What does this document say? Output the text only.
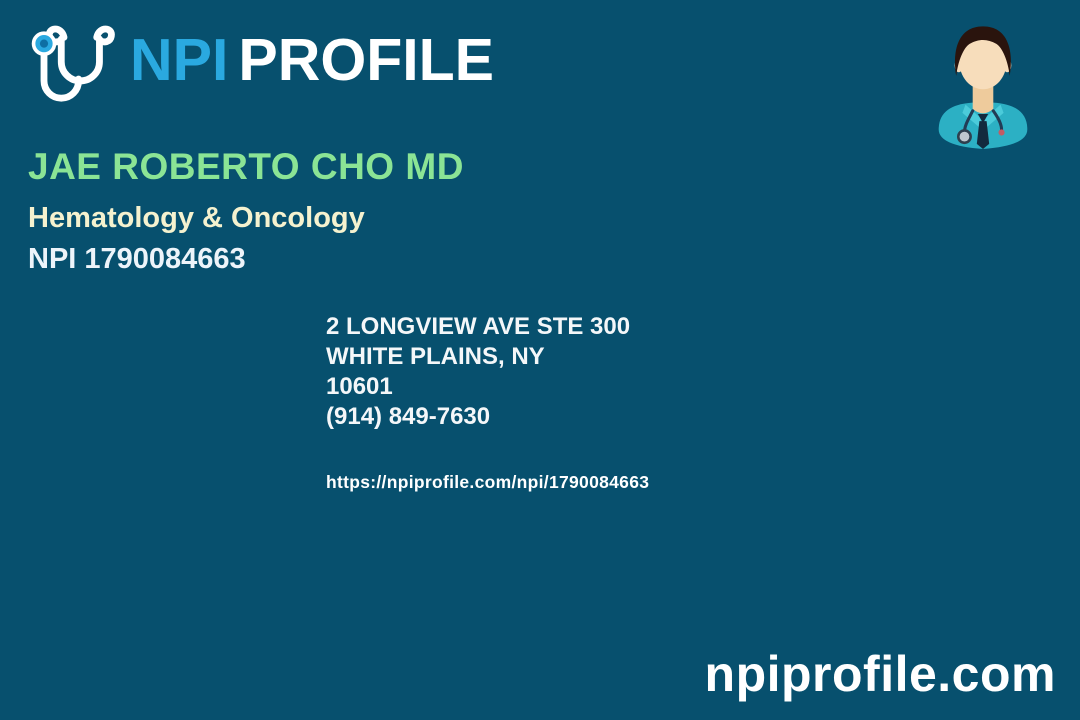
NPI PROFILE
JAE ROBERTO CHO MD
Hematology & Oncology
NPI 1790084663
2 LONGVIEW AVE STE 300
WHITE PLAINS, NY
10601
(914) 849-7630
https://npiprofile.com/npi/1790084663
npiprofile.com
